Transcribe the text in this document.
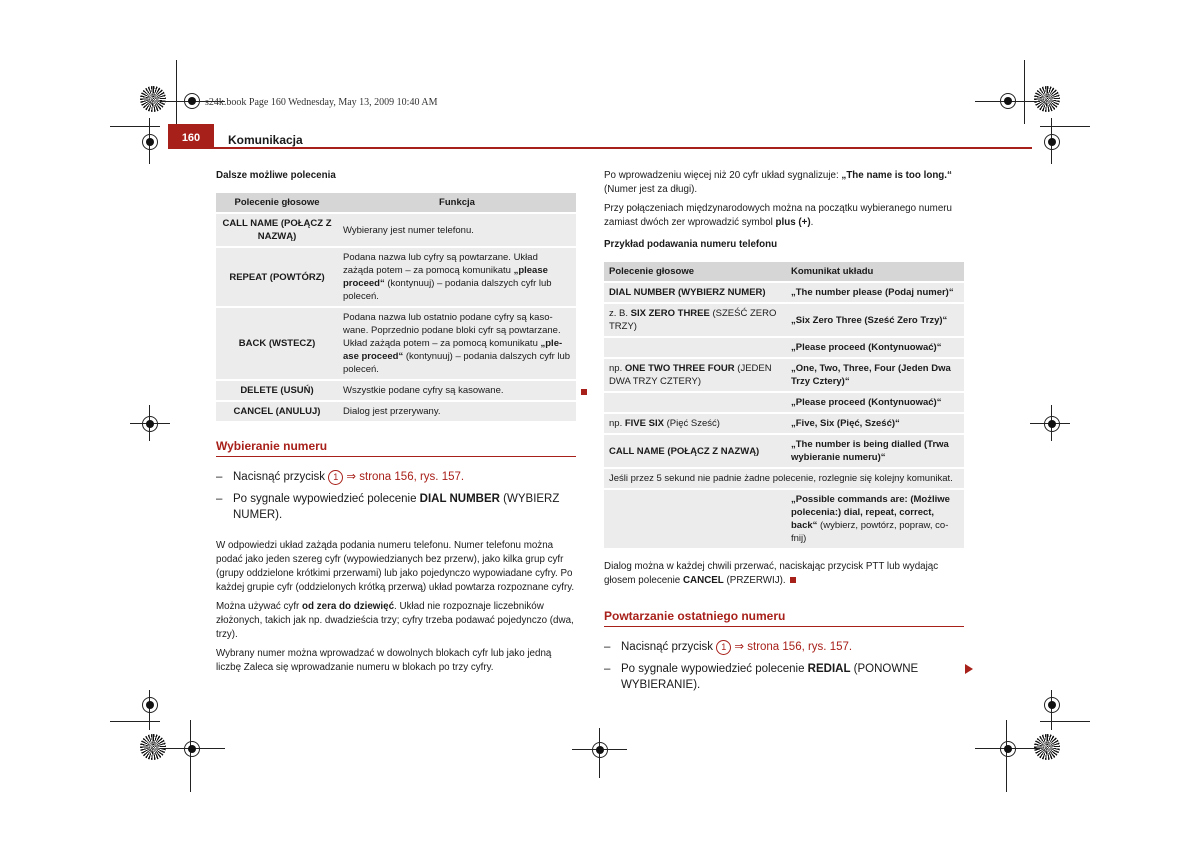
s24k.book Page 160 Wednesday, May 13, 2009 10:40 AM
160	Komunikacja
Dalsze możliwe polecenia
Polecenie głosowe	Funkcja
CALL NAME (POŁĄCZ Z NAZWĄ)	Wybierany jest numer telefonu.
REPEAT (POWTÓRZ)	Podana nazwa lub cyfry są powtarzane. Układ zażąda potem – za pomocą komunikatu „please proceed“ (kontynuuj) – podania dalszych cyfr lub poleceń.
BACK (WSTECZ)	Podana nazwa lub ostatnio podane cyfry są kasowane. Poprzednio podane bloki cyfr są powtarzane. Układ zażąda potem – za pomocą komunikatu „please proceed“ (kontynuuj) – podania dalszych cyfr lub poleceń.
DELETE (USUŃ)	Wszystkie podane cyfry są kasowane.
CANCEL (ANULUJ)	Dialog jest przerywany.
Wybieranie numeru
– Nacisnąć przycisk 1 ⇒ strona 156, rys. 157.
– Po sygnale wypowiedzieć polecenie DIAL NUMBER (WYBIERZ NUMER).

W odpowiedzi układ zażąda podania numeru telefonu. Numer telefonu można podać jako jeden szereg cyfr (wypowiedzianych bez przerw), jako kilka grup cyfr (grupy oddzielone krótkimi przerwami) lub jako pojedynczo wypowiadane cyfry. Po każdej grupie cyfr (oddzielonych krótką przerwą) układ powtarza rozpoznane cyfry.

Można używać cyfr od zera do dziewięć. Układ nie rozpoznaje liczebników złożonych, takich jak np. dwadzieścia trzy; cyfry trzeba podawać pojedynczo (dwa, trzy).

Wybrany numer można wprowadzać w dowolnych blokach cyfr lub jako jedną liczbę Zaleca się wprowadzanie numeru w blokach po trzy cyfry.

Po wprowadzeniu więcej niż 20 cyfr układ sygnalizuje: „The name is too long.“ (Numer jest za długi).

Przy połączeniach międzynarodowych można na początku wybieranego numeru zamiast dwóch zer wprowadzić symbol plus (+).

Przykład podawania numeru telefonu
Polecenie głosowe	Komunikat układu
DIAL NUMBER (WYBIERZ NUMER)	„The number please (Podaj numer)“
z. B. SIX ZERO THREE (SZEŚĆ ZERO TRZY)	„Six Zero Three (Sześć Zero Trzy)“
	„Please proceed (Kontynuować)“
np. ONE TWO THREE FOUR (JEDEN DWA TRZY CZTERY)	„One, Two, Three, Four (Jeden Dwa Trzy Cztery)“
	„Please proceed (Kontynuować)“
np. FIVE SIX (Pięć Sześć)	„Five, Six (Pięć, Sześć)“
CALL NAME (POŁĄCZ Z NAZWĄ)	„The number is being dialled (Trwa wybieranie numeru)“
Jeśli przez 5 sekund nie padnie żadne polecenie, rozlegnie się kolejny komunikat.	
	„Possible commands are: (Możliwe polecenia:) dial, repeat, correct, back“ (wybierz, powtórz, popraw, cofnij)

Dialog można w każdej chwili przerwać, naciskając przycisk PTT lub wydając głosem polecenie CANCEL (PRZERWIJ).

Powtarzanie ostatniego numeru
– Nacisnąć przycisk 1 ⇒ strona 156, rys. 157.
– Po sygnale wypowiedzieć polecenie REDIAL (PONOWNE WYBIERANIE).
